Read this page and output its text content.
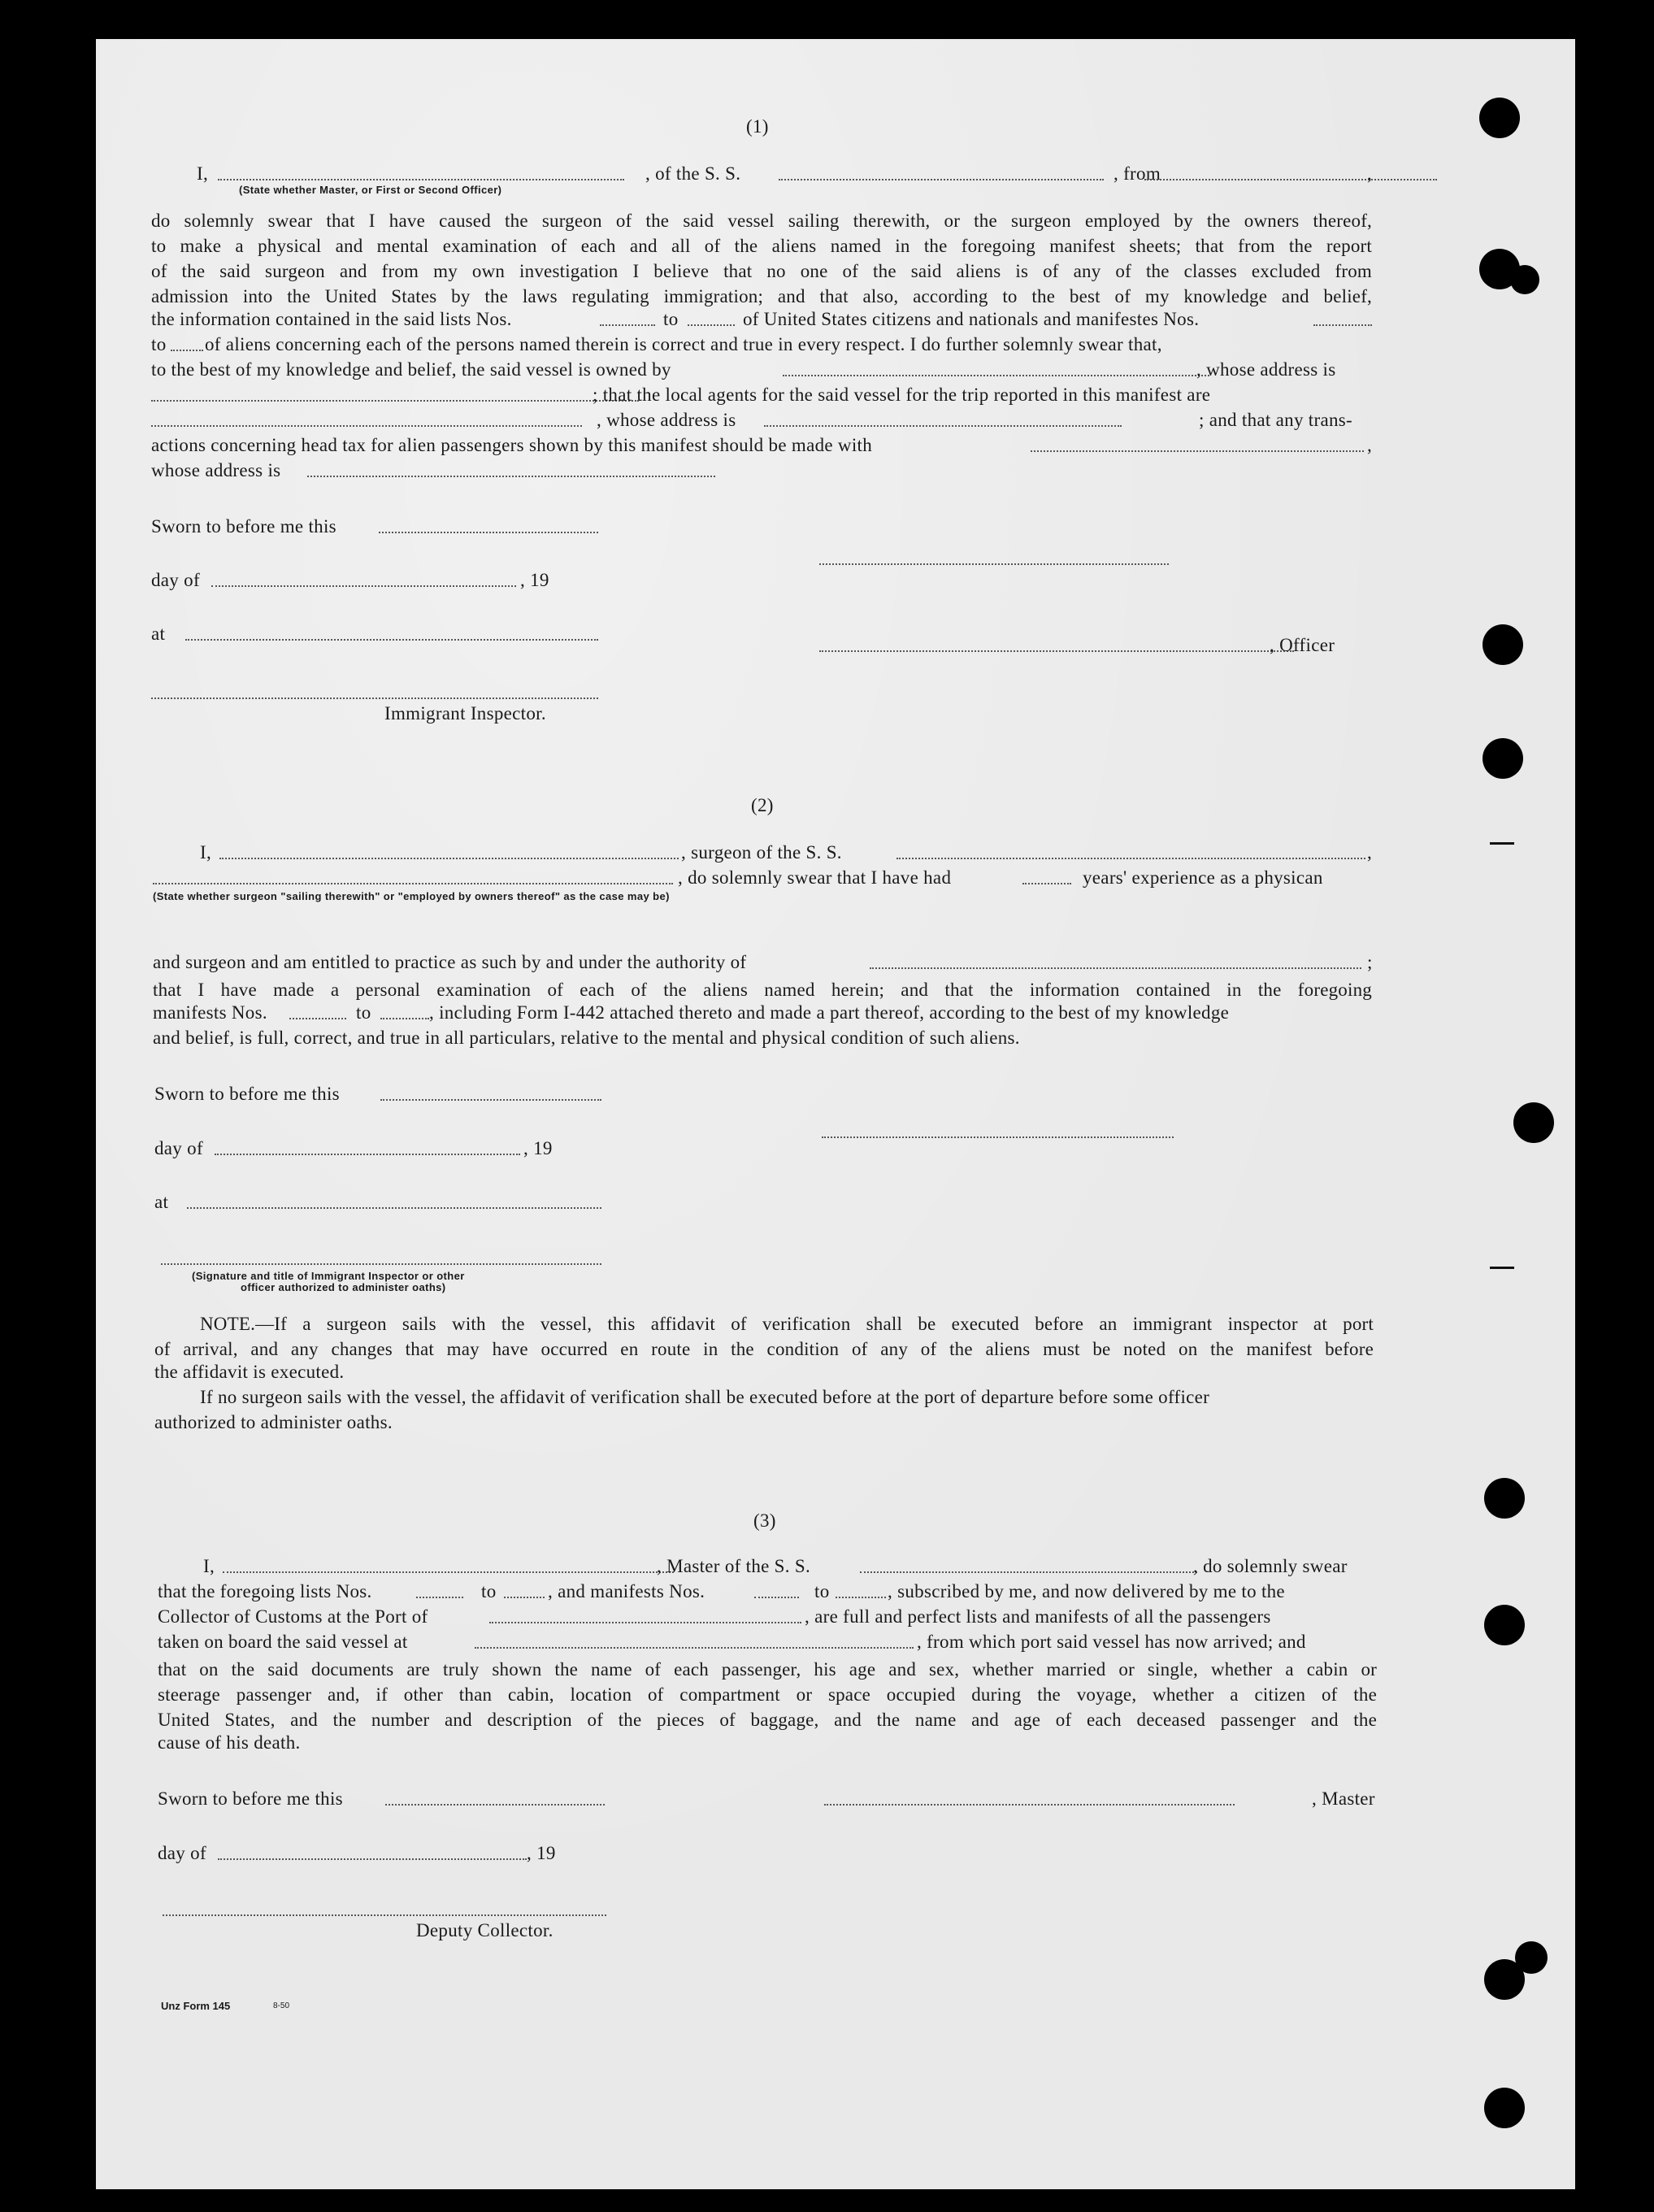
(1)
I,	, of the S. S.	, from	,
(State whether Master, or First or Second Officer)
do solemnly swear that I have caused the surgeon of the said vessel sailing therewith, or the surgeon employed by the owners thereof,
to make a physical and mental examination of each and all of the aliens named in the foregoing manifest sheets; that from the report
of the said surgeon and from my own investigation I believe that no one of the said aliens is of any of the classes excluded from
admission into the United States by the laws regulating immigration; and that also, according to the best of my knowledge and belief,
the information contained in the said lists Nos.	to	of United States citizens and nationals and manifestes Nos.
to of aliens concerning each of the persons named therein is correct and true in every respect. I do further solemnly swear that,
to the best of my knowledge and belief, the said vessel is owned by	, whose address is
; that the local agents for the said vessel for the trip reported in this manifest are
, whose address is	; and that any trans-
actions concerning head tax for alien passengers shown by this manifest should be made with	,
whose address is
Sworn to before me this
day of	, 19
at
, Officer
Immigrant Inspector.
(2)
I,	, surgeon of the S. S.	,
, do solemnly swear that I have had	years' experience as a physican
(State whether surgeon "sailing therewith" or "employed by owners thereof" as the case may be)
and surgeon and am entitled to practice as such by and under the authority of	;
that I have made a personal examination of each of the aliens named herein; and that the information contained in the foregoing
manifests Nos.	to	, including Form I-442 attached thereto and made a part thereof, according to the best of my knowledge
and belief, is full, correct, and true in all particulars, relative to the mental and physical condition of such aliens.
Sworn to before me this
day of	, 19
at
(Signature and title of Immigrant Inspector or other
officer authorized to administer oaths)
NOTE.—If a surgeon sails with the vessel, this affidavit of verification shall be executed before an immigrant inspector at port
of arrival, and any changes that may have occurred en route in the condition of any of the aliens must be noted on the manifest before
the affidavit is executed.
If no surgeon sails with the vessel, the affidavit of verification shall be executed before at the port of departure before some officer
authorized to administer oaths.
(3)
I,	, Master of the S. S.	, do solemnly swear
that the foregoing lists Nos.	to	, and manifests Nos.	to	, subscribed by me, and now delivered by me to the
Collector of Customs at the Port of	, are full and perfect lists and manifests of all the passengers
taken on board the said vessel at	, from which port said vessel has now arrived; and
that on the said documents are truly shown the name of each passenger, his age and sex, whether married or single, whether a cabin or
steerage passenger and, if other than cabin, location of compartment or space occupied during the voyage, whether a citizen of the
United States, and the number and description of the pieces of baggage, and the name and age of each deceased passenger and the
cause of his death.
Sworn to before me this	, Master
day of	, 19
Deputy Collector.
Unz Form 145	8-50
